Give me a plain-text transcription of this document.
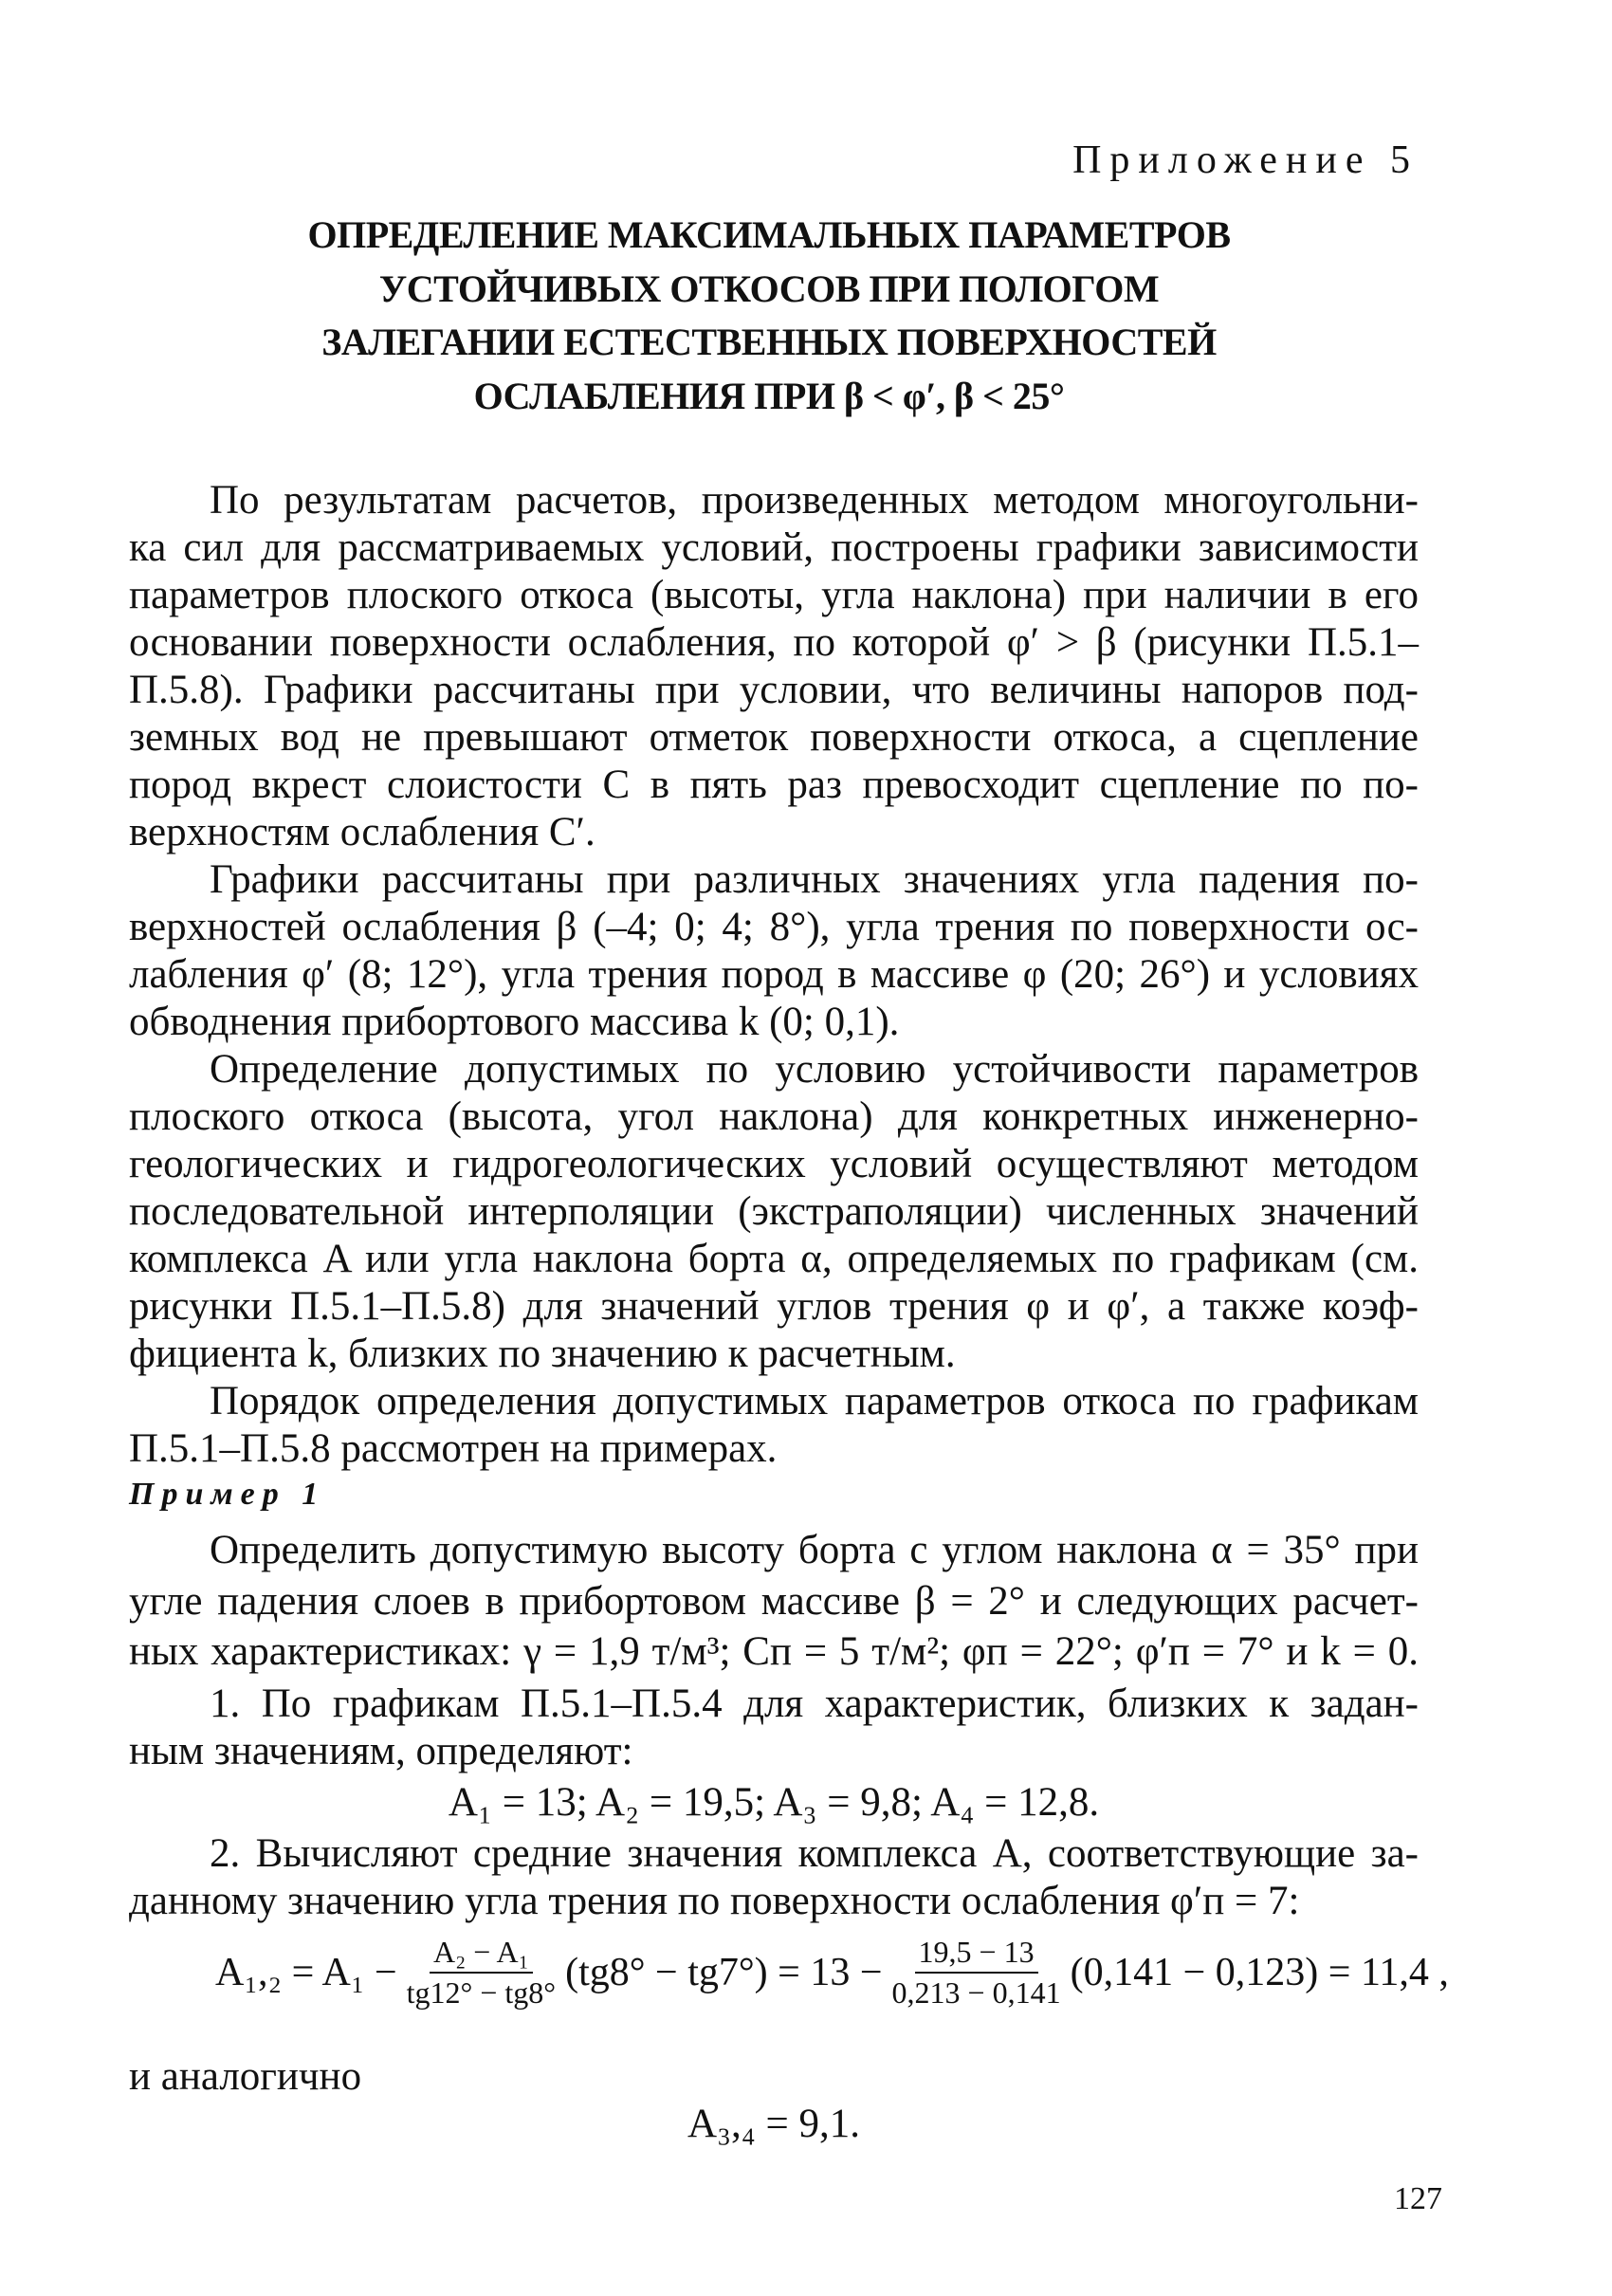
Приложение 5
ОПРЕДЕЛЕНИЕ МАКСИМАЛЬНЫХ ПАРАМЕТРОВ
УСТОЙЧИВЫХ ОТКОСОВ ПРИ ПОЛОГОМ
ЗАЛЕГАНИИ ЕСТЕСТВЕННЫХ ПОВЕРХНОСТЕЙ
ОСЛАБЛЕНИЯ ПРИ β < φ′, β < 25°
По результатам расчетов, произведенных методом многоугольни-
ка сил для рассматриваемых условий, построены графики зависимости
параметров плоского откоса (высоты, угла наклона) при наличии в его
основании поверхности ослабления, по которой φ′ > β (рисунки П.5.1–
П.5.8). Графики рассчитаны при условии, что величины напоров под-
земных вод не превышают отметок поверхности откоса, а сцепление
пород вкрест слоистости C в пять раз превосходит сцепление по по-
верхностям ослабления C′.
Графики рассчитаны при различных значениях угла падения по-
верхностей ослабления β (–4; 0; 4; 8°), угла трения по поверхности ос-
лабления φ′ (8; 12°), угла трения пород в массиве φ (20; 26°) и условиях
обводнения прибортового массива k (0; 0,1).
Определение допустимых по условию устойчивости параметров
плоского откоса (высота, угол наклона) для конкретных инженерно-
геологических и гидрогеологических условий осуществляют методом
последовательной интерполяции (экстраполяции) численных значений
комплекса A или угла наклона борта α, определяемых по графикам (см.
рисунки П.5.1–П.5.8) для значений углов трения φ и φ′, а также коэф-
фициента k, близких по значению к расчетным.
Порядок определения допустимых параметров откоса по графикам
П.5.1–П.5.8 рассмотрен на примерах.
Пример 1
Определить допустимую высоту борта с углом наклона α = 35° при
угле падения слоев в прибортовом массиве β = 2° и следующих расчет-
ных характеристиках: γ = 1,9 т/м³; Cп = 5 т/м²; φп = 22°; φ′п = 7° и k = 0.
1. По графикам П.5.1–П.5.4 для характеристик, близких к задан-
ным значениям, определяют:
A₁ = 13; A₂ = 19,5; A₃ = 9,8; A₄ = 12,8.
2. Вычисляют средние значения комплекса A, соответствующие за-
данному значению угла трения по поверхности ослабления φ′п = 7:
$A_1,_2 = A_1 - \frac{\text{A₂ − A₁}}{tg12^\circ - tg8^\circ} (tg8^\circ - tg7^\circ) = 13 - \frac{19,5 - 13}{0,213 - 0,141} (0,141 - 0,123) = 11,4$ ,
и аналогично
A₃,₄ = 9,1.
127
